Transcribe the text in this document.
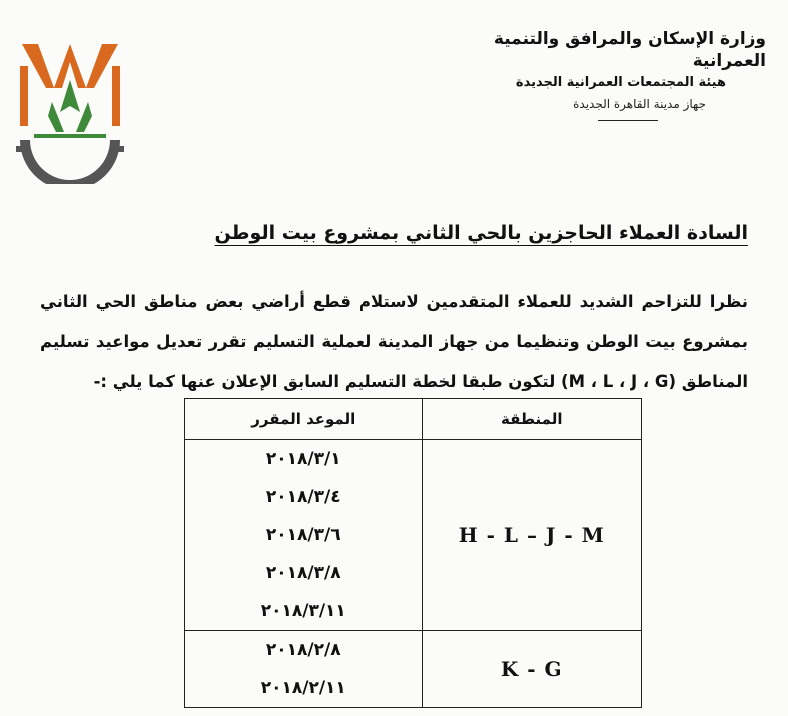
وزارة الإسكان والمرافق والتنمية العمرانية
هيئة المجتمعات العمرانية الجديدة
جهاز مدينة القاهرة الجديدة
السادة العملاء الحاجزين بالحي الثاني بمشروع بيت الوطن
نظرا للتزاحم الشديد للعملاء المتقدمين لاستلام قطع أراضي بعض مناطق الحي الثاني بمشروع بيت الوطن وتنظيما من جهاز المدينة لعملية التسليم تقرر تعديل مواعيد تسليم المناطق (M ، L ، J ، G) لتكون طبقا لخطة التسليم السابق الإعلان عنها كما يلي :-
المنطقة	الموعد المقرر
H - L – J - M	٢٠١٨/٣/١
٢٠١٨/٣/٤
٢٠١٨/٣/٦
٢٠١٨/٣/٨
٢٠١٨/٣/١١

K - G	٢٠١٨/٢/٨
٢٠١٨/٢/١١
